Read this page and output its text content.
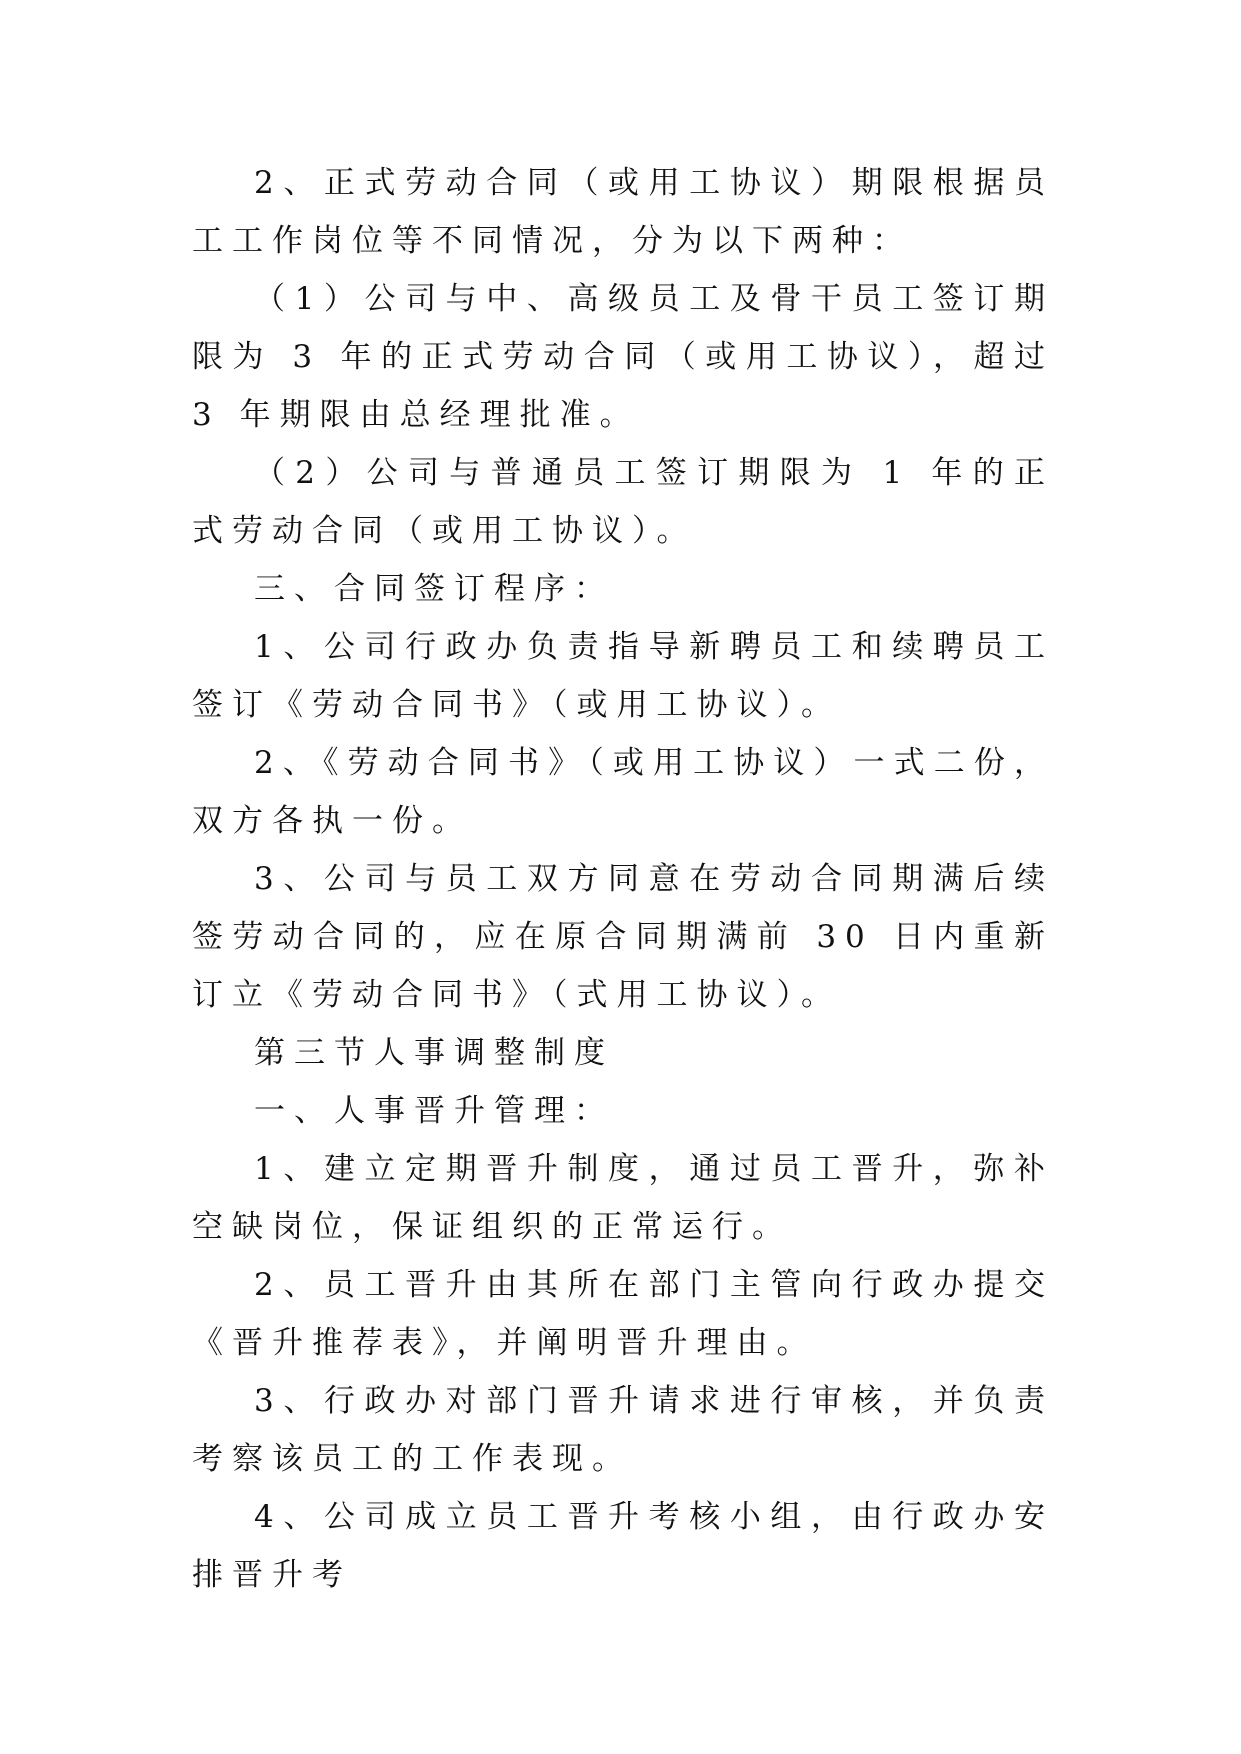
2、正式劳动合同（或用工协议）期限根据员工工作岗位等不同情况，分为以下两种：

（1）公司与中、高级员工及骨干员工签订期限为 3 年的正式劳动合同（或用工协议），超过 3 年期限由总经理批准。

（2）公司与普通员工签订期限为 1 年的正式劳动合同（或用工协议）。

三、合同签订程序：

1、公司行政办负责指导新聘员工和续聘员工签订《劳动合同书》（或用工协议）。

2、《劳动合同书》（或用工协议）一式二份，双方各执一份。

3、公司与员工双方同意在劳动合同期满后续签劳动合同的，应在原合同期满前 30 日内重新订立《劳动合同书》（式用工协议）。

第三节人事调整制度

一、人事晋升管理：

1、建立定期晋升制度，通过员工晋升，弥补空缺岗位，保证组织的正常运行。

2、员工晋升由其所在部门主管向行政办提交《晋升推荐表》，并阐明晋升理由。

3、行政办对部门晋升请求进行审核，并负责考察该员工的工作表现。

4、公司成立员工晋升考核小组，由行政办安排晋升考
